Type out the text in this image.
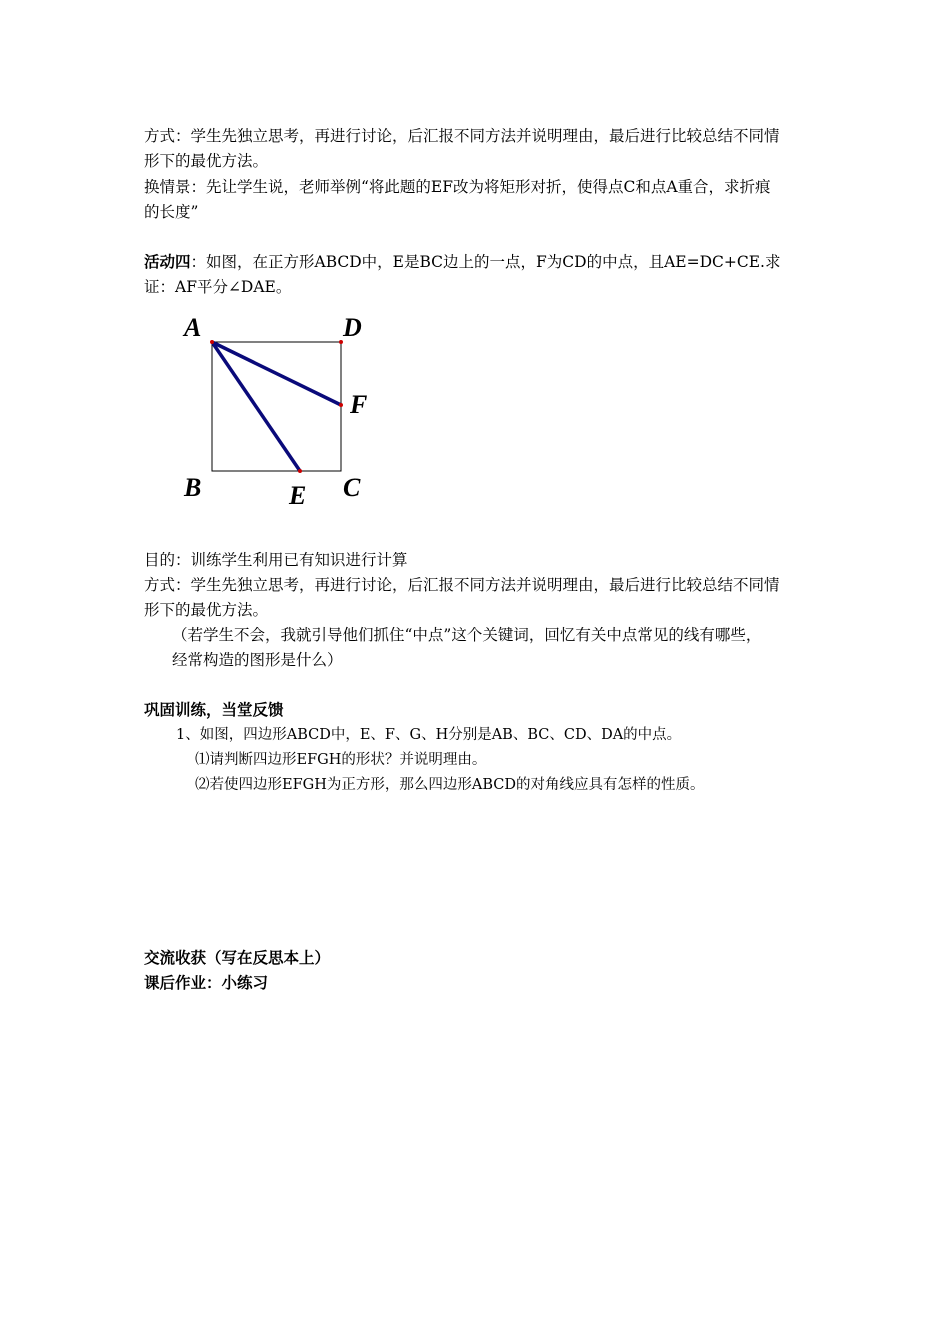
方式：学生先独立思考，再进行讨论，后汇报不同方法并说明理由，最后进行比较总结不同情
形下的最优方法。
换情景：先让学生说，老师举例“将此题的EF改为将矩形对折，使得点C和点A重合，求折痕
的长度”
活动四：如图，在正方形ABCD中，E是BC边上的一点，F为CD的中点，且AE=DC+CE.求
证：AF平分∠DAE。
A	D
F
B	E C
目的：训练学生利用已有知识进行计算
方式：学生先独立思考，再进行讨论，后汇报不同方法并说明理由，最后进行比较总结不同情
形下的最优方法。
（若学生不会，我就引导他们抓住“中点”这个关键词，回忆有关中点常见的线有哪些，
经常构造的图形是什么）
巩固训练，当堂反馈
1、如图，四边形ABCD中，E、F、G、H分别是AB、BC、CD、DA的中点。
⑴请判断四边形EFGH的形状？并说明理由。
⑵若使四边形EFGH为正方形，那么四边形ABCD的对角线应具有怎样的性质。
交流收获（写在反思本上）
课后作业：小练习
